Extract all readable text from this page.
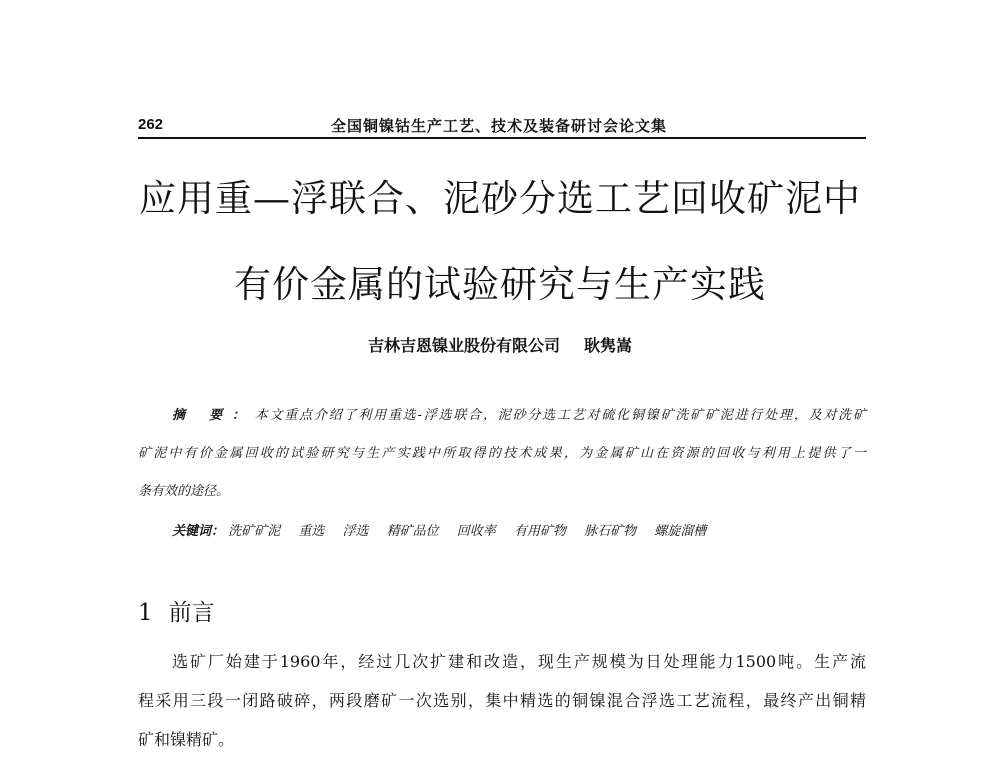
262	全国铜镍钴生产工艺、技术及装备研讨会论文集
应用重—浮联合、泥砂分选工艺回收矿泥中
有价金属的试验研究与生产实践
吉林吉恩镍业股份有限公司 耿隽嵩
摘 要：本文重点介绍了利用重选-浮选联合，泥砂分选工艺对硫化铜镍矿洗矿矿泥进行处理，及对洗矿
矿泥中有价金属回收的试验研究与生产实践中所取得的技术成果，为金属矿山在资源的回收与利用上提供了一
条有效的途径。
关键词： 洗矿矿泥 重选 浮选 精矿品位 回收率 有用矿物 脉石矿物 螺旋溜槽
1 前言
选矿厂始建于1960年，经过几次扩建和改造，现生产规模为日处理能力1500吨。生产流
程采用三段一闭路破碎，两段磨矿一次选别，集中精选的铜镍混合浮选工艺流程，最终产出铜精
矿和镍精矿。
